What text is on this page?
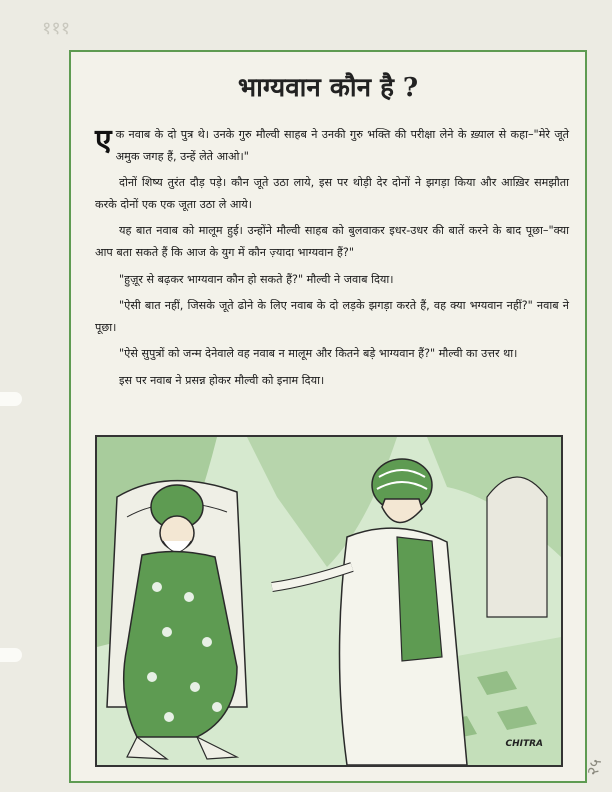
१११
भाग्यवान कौन है ?

एक नवाब के दो पुत्र थे। उनके गुरु मौल्वी साहब ने उनकी गुरु भक्ति की परीक्षा लेने के ख़्याल से कहा–"मेरे जूते अमुक जगह हैं, उन्हें लेते आओ।"

दोनों शिष्य तुरंत दौड़ पड़े। कौन जूते उठा लाये, इस पर थोड़ी देर दोनों ने झगड़ा किया और आख़िर समझौता करके दोनों एक एक जूता उठा ले आये।

यह बात नवाब को मालूम हुई। उन्होंने मौल्वी साहब को बुलवाकर इधर-उधर की बातें करने के बाद पूछा–"क्या आप बता सकते हैं कि आज के युग में कौन ज़्यादा भाग्यवान हैं?"

"हुज़ूर से बढ़कर भाग्यवान कौन हो सकते हैं?" मौल्वी ने जवाब दिया।

"ऐसी बात नहीं, जिसके जूते ढोने के लिए नवाब के दो लड़के झगड़ा करते हैं, वह क्या भग्यवान नहीं?" नवाब ने पूछा।

"ऐसे सुपुत्रों को जन्म देनेवाले वह नवाब न मालूम और कितने बड़े भाग्यवान हैं?" मौल्वी का उत्तर था।

इस पर नवाब ने प्रसन्न होकर मौल्वी को इनाम दिया।

CHITRA
२५
